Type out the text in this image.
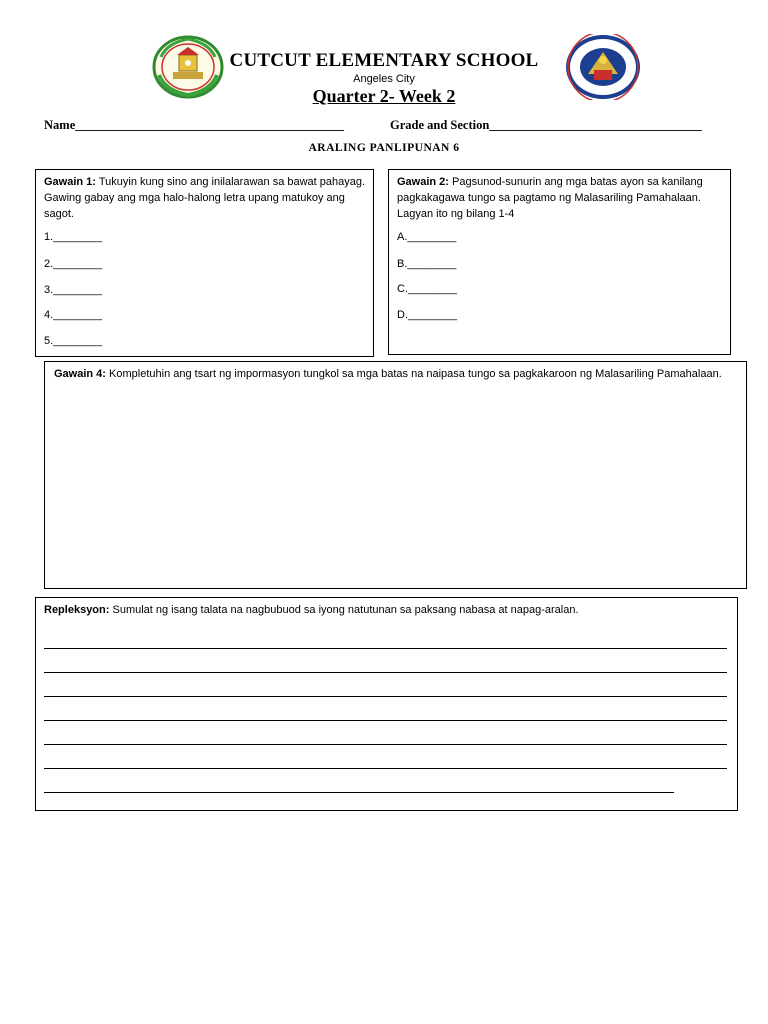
CUTCUT ELEMENTARY SCHOOL
Angeles City
Quarter 2- Week 2
Name___________________________________________	Grade and Section__________________________________
ARALING PANLIPUNAN 6
Gawain 1: Tukuyin kung sino ang inilalarawan sa bawat pahayag. Gawing gabay ang mga halo-halong letra upang matukoy ang sagot.
1.________
2.________
3.________
4.________
5.________
Gawain 2: Pagsunod-sunurin ang mga batas ayon sa kanilang pagkakagawa tungo sa pagtamo ng Malasariling Pamahalaan. Lagyan ito ng bilang 1-4
A.________
B.________
C.________
D.________
Gawain 4: Kompletuhin ang tsart ng impormasyon tungkol sa mga batas na naipasa tungo sa pagkakaroon ng Malasariling Pamahalaan.
Repleksyon: Sumulat ng isang talata na nagbubuod sa iyong natutunan sa paksang nabasa at napag-aralan.
